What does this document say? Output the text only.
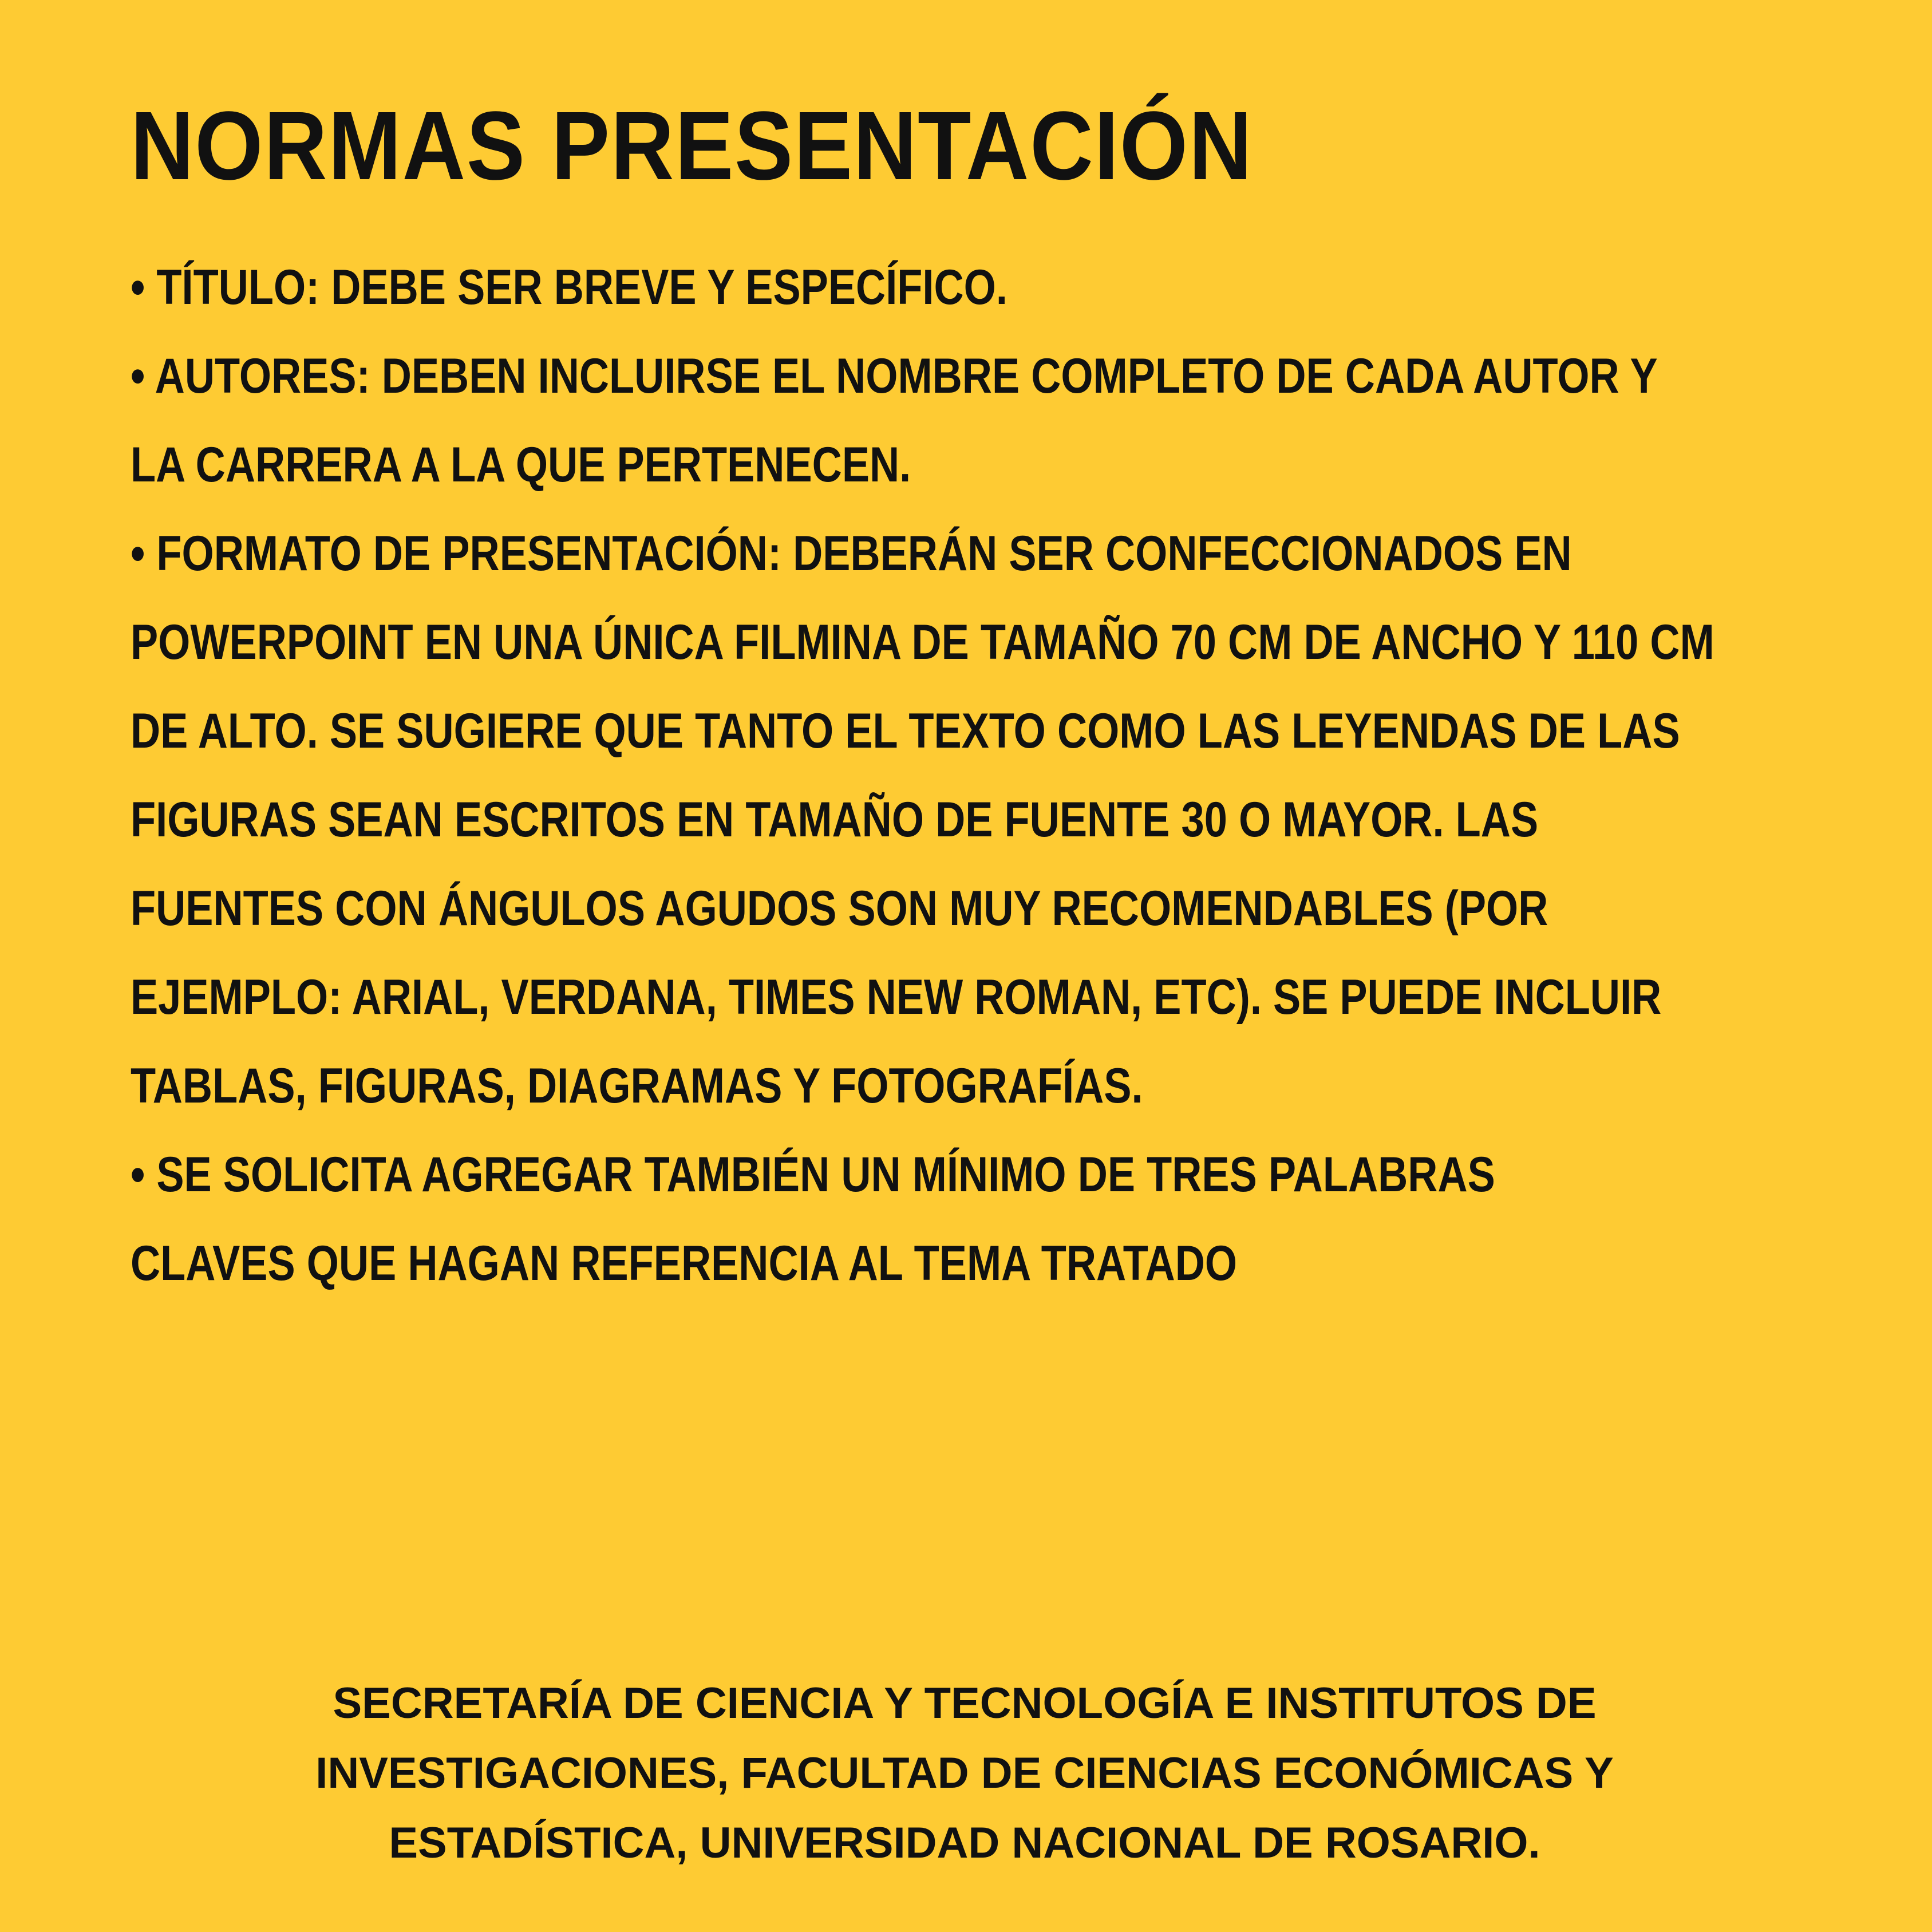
NORMAS PRESENTACIÓN
• TÍTULO: DEBE SER BREVE Y ESPECÍFICO.
• AUTORES: DEBEN INCLUIRSE EL NOMBRE COMPLETO DE CADA AUTOR Y LA CARRERA A LA QUE PERTENECEN.
• FORMATO DE PRESENTACIÓN: DEBERÁN SER CONFECCIONADOS EN POWERPOINT EN UNA ÚNICA FILMINA DE TAMAÑO 70 CM DE ANCHO Y 110 CM DE ALTO. SE SUGIERE QUE TANTO EL TEXTO COMO LAS LEYENDAS DE LAS FIGURAS SEAN ESCRITOS EN TAMAÑO DE FUENTE 30 O MAYOR. LAS FUENTES CON ÁNGULOS AGUDOS SON MUY RECOMENDABLES (POR EJEMPLO: ARIAL, VERDANA, TIMES NEW ROMAN, ETC). SE PUEDE INCLUIR TABLAS, FIGURAS, DIAGRAMAS Y FOTOGRAFÍAS.
• SE SOLICITA AGREGAR TAMBIÉN UN MÍNIMO DE TRES PALABRAS CLAVES QUE HAGAN REFERENCIA AL TEMA TRATADO

SECRETARÍA DE CIENCIA Y TECNOLOGÍA E INSTITUTOS DE
INVESTIGACIONES, FACULTAD DE CIENCIAS ECONÓMICAS Y
ESTADÍSTICA, UNIVERSIDAD NACIONAL DE ROSARIO.
